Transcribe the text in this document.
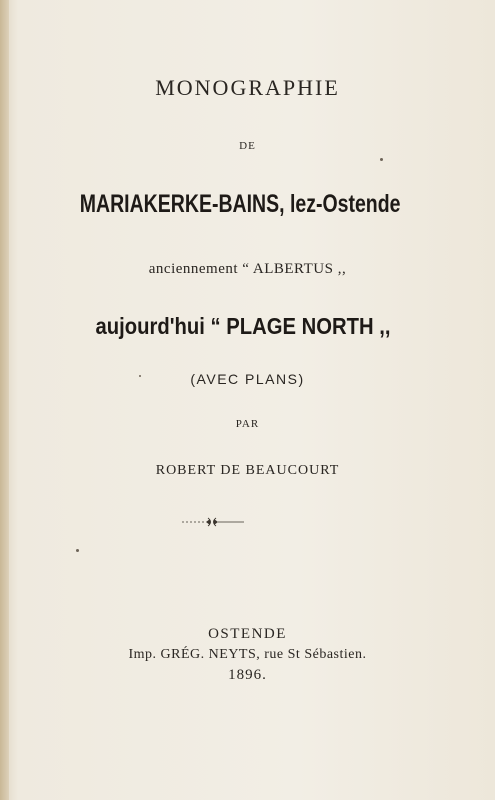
MONOGRAPHIE
DE
MARIAKERKE-BAINS, lez-Ostende
anciennement “ ALBERTUS ,,
aujourd'hui “ PLAGE NORTH ,,
(AVEC PLANS)
PAR
ROBERT DE BEAUCOURT
OSTENDE
Imp. GRÉG. NEYTS, rue St Sébastien.
1896.
